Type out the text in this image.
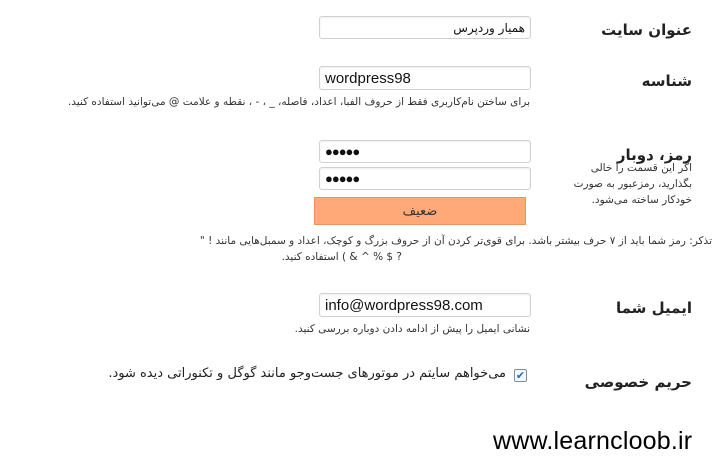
عنوان سایت
همیار وردپرس
شناسه
wordpress98
برای ساختن نام‌کاربری فقط از حروف الفبا، اعداد، فاصله، _ ، - ، نقطه و علامت @ می‌توانید استفاده کنید.
رمز، دوبار
اگر این قسمت را خالی
بگذارید، رمزعبور به صورت
خودکار ساخته می‌شود.
●●●●●
●●●●●
ضعیف
تذکر: رمز شما باید از ۷ حرف بیشتر باشد. برای قوی‌تر کردن آن از حروف بزرگ و کوچک، اعداد و سمبل‌هایی مانند ! "
? $ % ^ & ) استفاده کنید.
ایمیل شما
info@wordpress98.com
نشانی ایمیل را پیش از ادامه دادن دوباره بررسی کنید.
حریم خصوصی
✔
می‌خواهم سایتم در موتورهای جست‌وجو مانند گوگل و تکنوراتی دیده شود.
www.learncloob.ir
